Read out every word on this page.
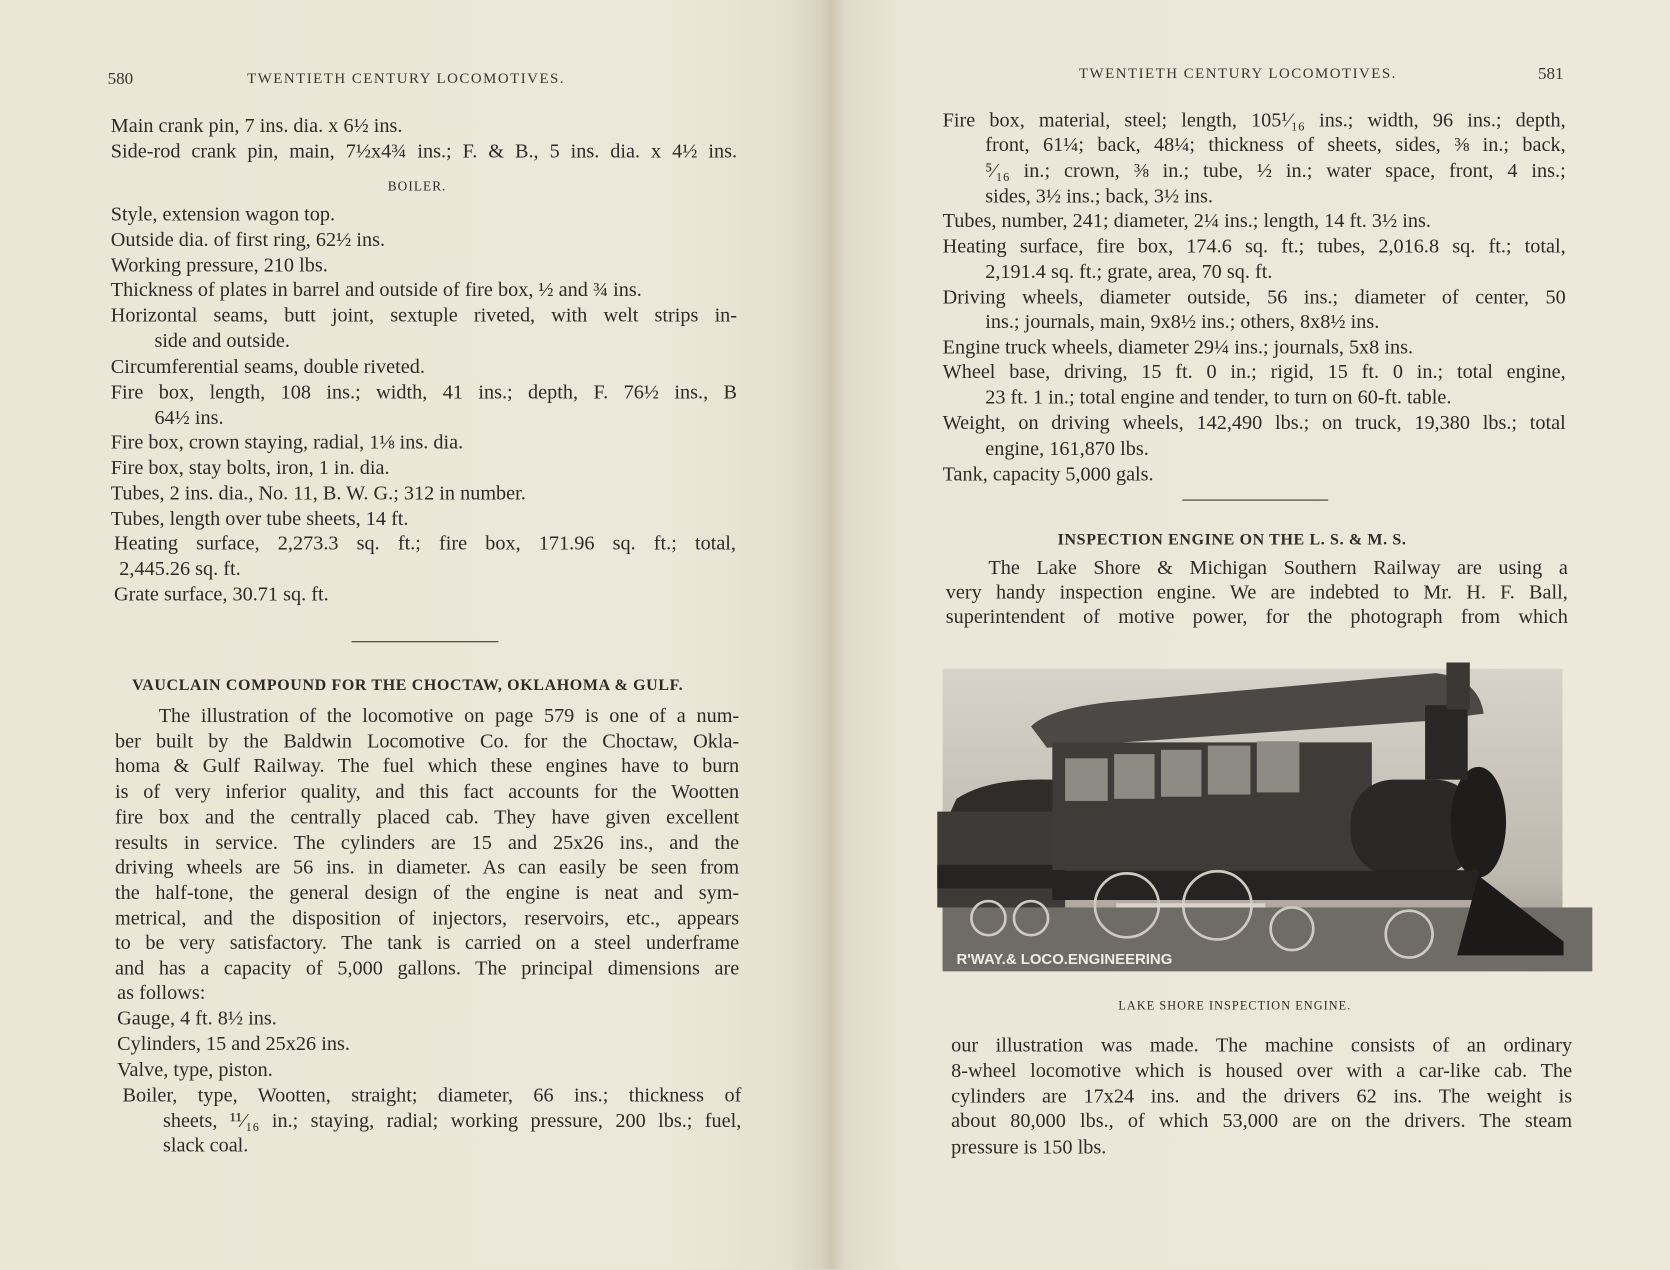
580	TWENTIETH CENTURY LOCOMOTIVES.
Main crank pin, 7 ins. dia. x 6½ ins.
Side-rod crank pin, main, 7½x4¾ ins.; F. & B., 5 ins. dia. x 4½ ins.
BOILER.
Style, extension wagon top.
Outside dia. of first ring, 62½ ins.
Working pressure, 210 lbs.
Thickness of plates in barrel and outside of fire box, ½ and ¾ ins.
Horizontal seams, butt joint, sextuple riveted, with welt strips in-
side and outside.
Circumferential seams, double riveted.
Fire box, length, 108 ins.; width, 41 ins.; depth, F. 76½ ins., B
64½ ins.
Fire box, crown staying, radial, 1⅛ ins. dia.
Fire box, stay bolts, iron, 1 in. dia.
Tubes, 2 ins. dia., No. 11, B. W. G.; 312 in number.
Tubes, length over tube sheets, 14 ft.
Heating surface, 2,273.3 sq. ft.; fire box, 171.96 sq. ft.; total,
2,445.26 sq. ft.
Grate surface, 30.71 sq. ft.
VAUCLAIN COMPOUND FOR THE CHOCTAW, OKLAHOMA & GULF.
The illustration of the locomotive on page 579 is one of a num-
ber built by the Baldwin Locomotive Co. for the Choctaw, Okla-
homa & Gulf Railway. The fuel which these engines have to burn
is of very inferior quality, and this fact accounts for the Wootten
fire box and the centrally placed cab. They have given excellent
results in service. The cylinders are 15 and 25x26 ins., and the
driving wheels are 56 ins. in diameter. As can easily be seen from
the half-tone, the general design of the engine is neat and sym-
metrical, and the disposition of injectors, reservoirs, etc., appears
to be very satisfactory. The tank is carried on a steel underframe
and has a capacity of 5,000 gallons. The principal dimensions are
as follows:
Gauge, 4 ft. 8½ ins.
Cylinders, 15 and 25x26 ins.
Valve, type, piston.
Boiler, type, Wootten, straight; diameter, 66 ins.; thickness of
sheets, ¹¹⁄₁₆ in.; staying, radial; working pressure, 200 lbs.; fuel,
slack coal.
TWENTIETH CENTURY LOCOMOTIVES.	581
Fire box, material, steel; length, 105¹⁄₁₆ ins.; width, 96 ins.; depth,
front, 61¼; back, 48¼; thickness of sheets, sides, ⅜ in.; back,
⁵⁄₁₆ in.; crown, ⅜ in.; tube, ½ in.; water space, front, 4 ins.;
sides, 3½ ins.; back, 3½ ins.
Tubes, number, 241; diameter, 2¼ ins.; length, 14 ft. 3½ ins.
Heating surface, fire box, 174.6 sq. ft.; tubes, 2,016.8 sq. ft.; total,
2,191.4 sq. ft.; grate, area, 70 sq. ft.
Driving wheels, diameter outside, 56 ins.; diameter of center, 50
ins.; journals, main, 9x8½ ins.; others, 8x8½ ins.
Engine truck wheels, diameter 29¼ ins.; journals, 5x8 ins.
Wheel base, driving, 15 ft. 0 in.; rigid, 15 ft. 0 in.; total engine,
23 ft. 1 in.; total engine and tender, to turn on 60-ft. table.
Weight, on driving wheels, 142,490 lbs.; on truck, 19,380 lbs.; total
engine, 161,870 lbs.
Tank, capacity 5,000 gals.
INSPECTION ENGINE ON THE L. S. & M. S.
The Lake Shore & Michigan Southern Railway are using a
very handy inspection engine. We are indebted to Mr. H. F. Ball,
superintendent of motive power, for the photograph from which
R'WAY.& LOCO.ENGINEERING
LAKE SHORE INSPECTION ENGINE.
our illustration was made. The machine consists of an ordinary
8-wheel locomotive which is housed over with a car-like cab. The
cylinders are 17x24 ins. and the drivers 62 ins. The weight is
about 80,000 lbs., of which 53,000 are on the drivers. The steam
pressure is 150 lbs.
